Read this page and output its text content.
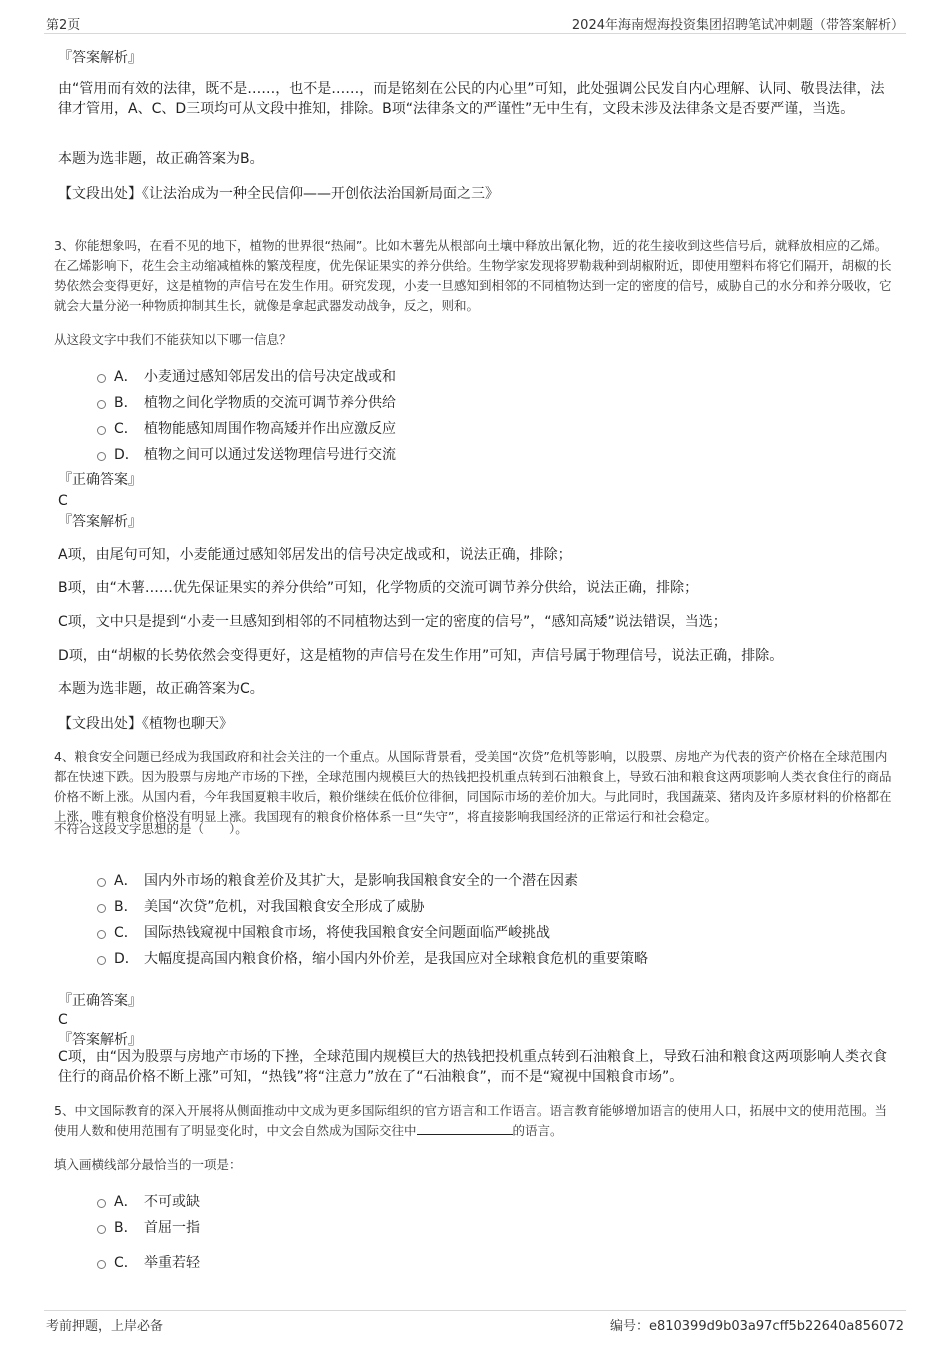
第2页	2024年海南煜海投资集团招聘笔试冲刺题（带答案解析）
『答案解析』

由“管用而有效的法律，既不是……，也不是……，而是铭刻在公民的内心里”可知，此处强调公民发自内心理解、认同、敬畏法律，法律才管用，A、C、D三项均可从文段中推知，排除。B项“法律条文的严谨性”无中生有，文段未涉及法律条文是否要严谨，当选。

本题为选非题，故正确答案为B。
【文段出处】《让法治成为一种全民信仰——开创依法治国新局面之三》

3、你能想象吗，在看不见的地下，植物的世界很“热闹”。比如木薯先从根部向土壤中释放出氰化物，近的花生接收到这些信号后，就释放相应的乙烯。在乙烯影响下，花生会主动缩减植株的繁茂程度，优先保证果实的养分供给。生物学家发现将罗勒栽种到胡椒附近，即使用塑料布将它们隔开，胡椒的长势依然会变得更好，这是植物的声信号在发生作用。研究发现，小麦一旦感知到相邻的不同植物达到一定的密度的信号，威胁自己的水分和养分吸收，它就会大量分泌一种物质抑制其生长，就像是拿起武器发动战争，反之，则和。

从这段文字中我们不能获知以下哪一信息？
A． 小麦通过感知邻居发出的信号决定战或和
B． 植物之间化学物质的交流可调节养分供给
C． 植物能感知周围作物高矮并作出应激反应
D． 植物之间可以通过发送物理信号进行交流
『正确答案』
C
『答案解析』
A项，由尾句可知，小麦能通过感知邻居发出的信号决定战或和，说法正确，排除；
B项，由“木薯……优先保证果实的养分供给”可知，化学物质的交流可调节养分供给，说法正确，排除；
C项，文中只是提到“小麦一旦感知到相邻的不同植物达到一定的密度的信号”，“感知高矮”说法错误，当选；
D项，由“胡椒的长势依然会变得更好，这是植物的声信号在发生作用”可知，声信号属于物理信号，说法正确，排除。
本题为选非题，故正确答案为C。
【文段出处】《植物也聊天》

4、粮食安全问题已经成为我国政府和社会关注的一个重点。从国际背景看，受美国“次贷”危机等影响，以股票、房地产为代表的资产价格在全球范围内都在快速下跌。因为股票与房地产市场的下挫，全球范围内规模巨大的热钱把投机重点转到石油粮食上，导致石油和粮食这两项影响人类衣食住行的商品价格不断上涨。从国内看，今年我国夏粮丰收后，粮价继续在低价位徘徊，同国际市场的差价加大。与此同时，我国蔬菜、猪肉及许多原材料的价格都在上涨，唯有粮食价格没有明显上涨。我国现有的粮食价格体系一旦“失守”，将直接影响我国经济的正常运行和社会稳定。

不符合这段文字思想的是（　　）。
A． 国内外市场的粮食差价及其扩大，是影响我国粮食安全的一个潜在因素
B． 美国“次贷”危机，对我国粮食安全形成了威胁
C． 国际热钱窥视中国粮食市场，将使我国粮食安全问题面临严峻挑战
D． 大幅度提高国内粮食价格，缩小国内外价差，是我国应对全球粮食危机的重要策略
『正确答案』
C
『答案解析』

C项，由“因为股票与房地产市场的下挫，全球范围内规模巨大的热钱把投机重点转到石油粮食上，导致石油和粮食这两项影响人类衣食住行的商品价格不断上涨”可知，“热钱”将“注意力”放在了“石油粮食”，而不是“窥视中国粮食市场”。

5、中文国际教育的深入开展将从侧面推动中文成为更多国际组织的官方语言和工作语言。语言教育能够增加语言的使用人口，拓展中文的使用范围。当使用人数和使用范围有了明显变化时，中文会自然成为国际交往中	的语言。

填入画横线部分最恰当的一项是：
A． 不可或缺
B． 首屈一指
C． 举重若轻
考前押题，上岸必备	编号：e810399d9b03a97cff5b22640a856072
